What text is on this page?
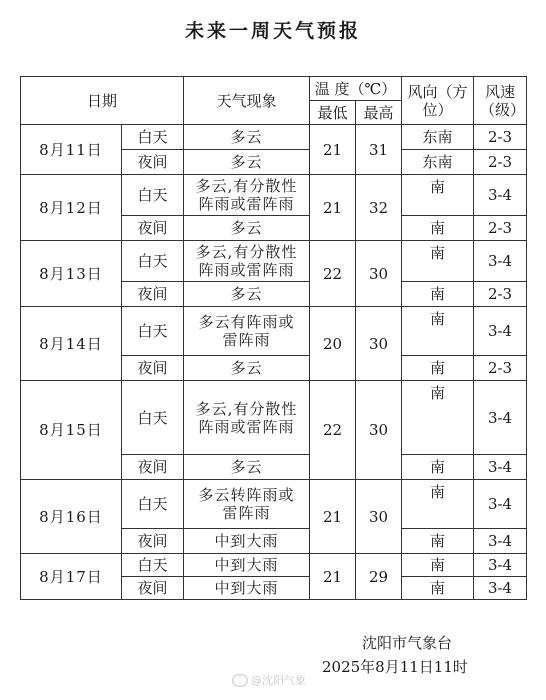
未来一周天气预报
日期		天气现象	温 度（℃）		风向（方位）	风速（级）
			最低	最高		
8月11日	白天	多云	21	31	东南	2-3
	夜间	多云			东南	2-3
8月12日	白天	多云,有分散性阵雨或雷阵雨	21	32	南	3-4
	夜间	多云			南	2-3
8月13日	白天	多云,有分散性阵雨或雷阵雨	22	30	南	3-4
	夜间	多云			南	2-3
8月14日	白天	多云有阵雨或雷阵雨	20	30	南	3-4
	夜间	多云			南	2-3
8月15日	白天	多云,有分散性阵雨或雷阵雨	22	30	南	3-4
	夜间	多云			南	3-4
8月16日	白天	多云转阵雨或雷阵雨	21	30	南	3-4
	夜间	中到大雨			南	3-4
8月17日	白天	中到大雨	21	29	南	3-4
	夜间	中到大雨			南	3-4
沈阳市气象台
2025年8月11日11时
@沈阳气象
